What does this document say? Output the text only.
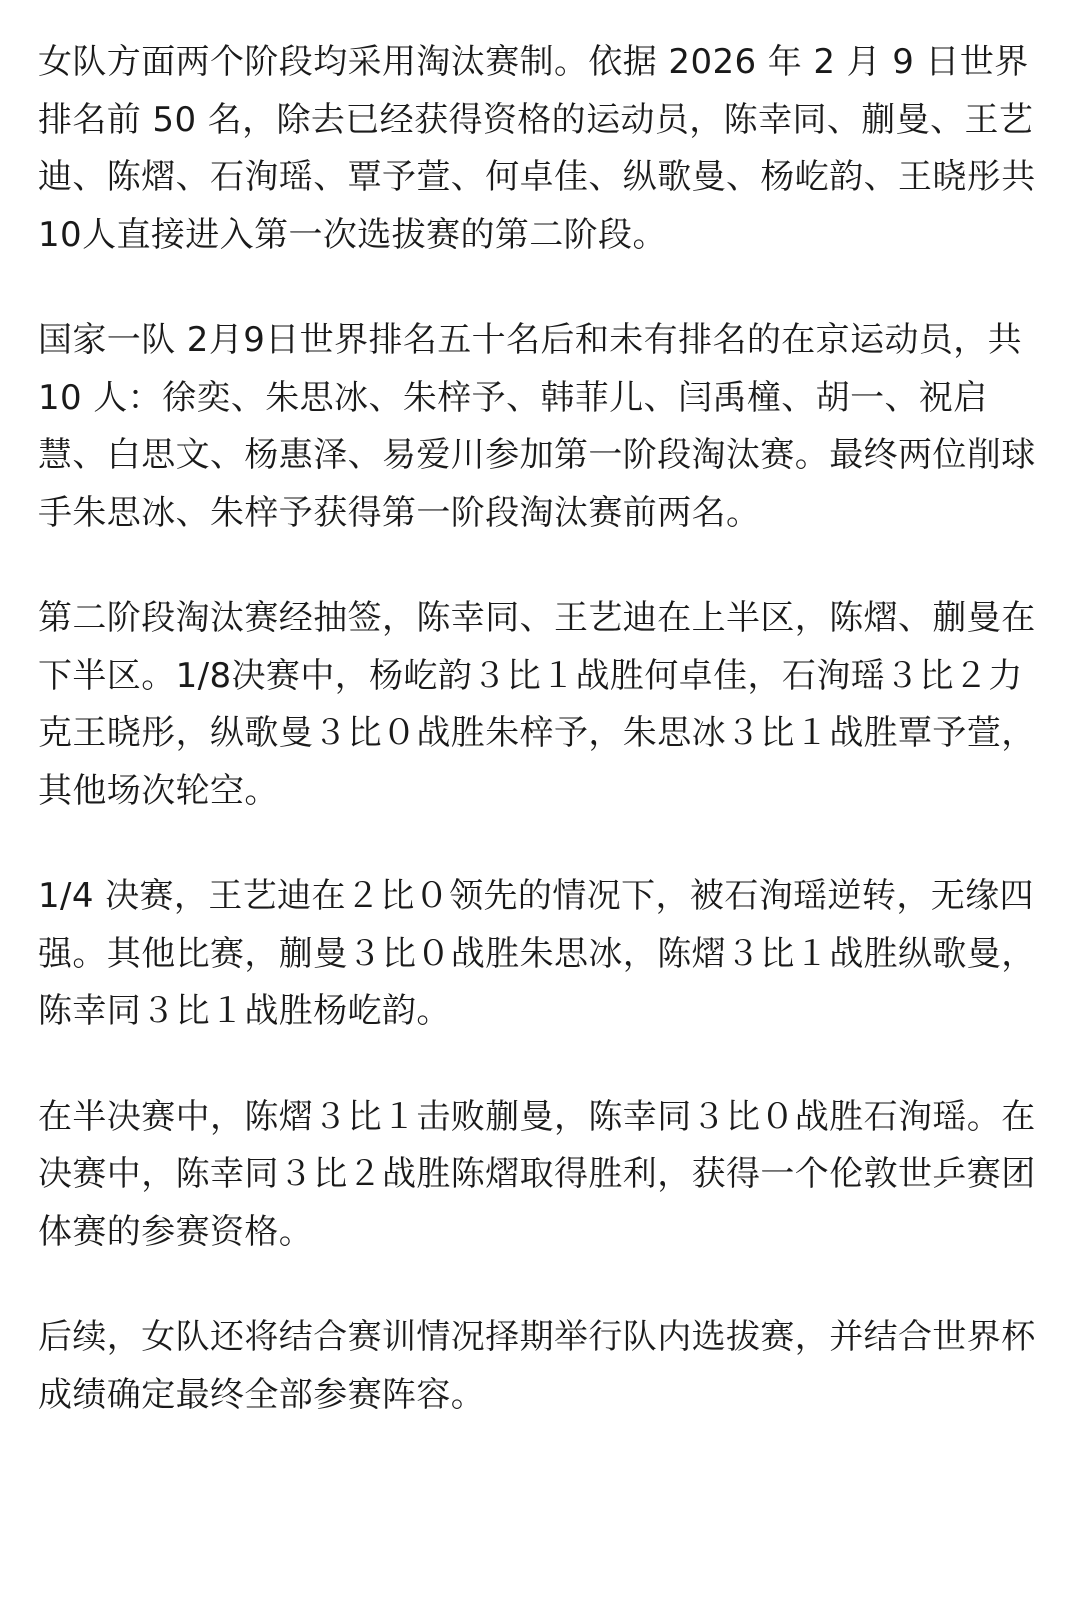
女队方面两个阶段均采用淘汰赛制。依据 2026 年 2 月 9 日世界排名前 50 名，除去已经获得资格的运动员，陈幸同、蒯曼、王艺迪、陈熠、石洵瑶、覃予萱、何卓佳、纵歌曼、杨屹韵、王晓彤共10人直接进入第一次选拔赛的第二阶段。

国家一队 2月9日世界排名五十名后和未有排名的在京运动员，共 10 人：徐奕、朱思冰、朱梓予、韩菲儿、闫禹橦、胡一、祝启慧、白思文、杨惠泽、易爱川参加第一阶段淘汰赛。最终两位削球手朱思冰、朱梓予获得第一阶段淘汰赛前两名。

第二阶段淘汰赛经抽签，陈幸同、王艺迪在上半区，陈熠、蒯曼在下半区。1/8决赛中，杨屹韵３比１战胜何卓佳，石洵瑶３比２力克王晓彤，纵歌曼３比０战胜朱梓予，朱思冰３比１战胜覃予萱，其他场次轮空。

1/4 决赛，王艺迪在２比０领先的情况下，被石洵瑶逆转，无缘四强。其他比赛，蒯曼３比０战胜朱思冰，陈熠３比１战胜纵歌曼，陈幸同３比１战胜杨屹韵。

在半决赛中，陈熠３比１击败蒯曼，陈幸同３比０战胜石洵瑶。在决赛中，陈幸同３比２战胜陈熠取得胜利，获得一个伦敦世乒赛团体赛的参赛资格。

后续，女队还将结合赛训情况择期举行队内选拔赛，并结合世界杯成绩确定最终全部参赛阵容。
